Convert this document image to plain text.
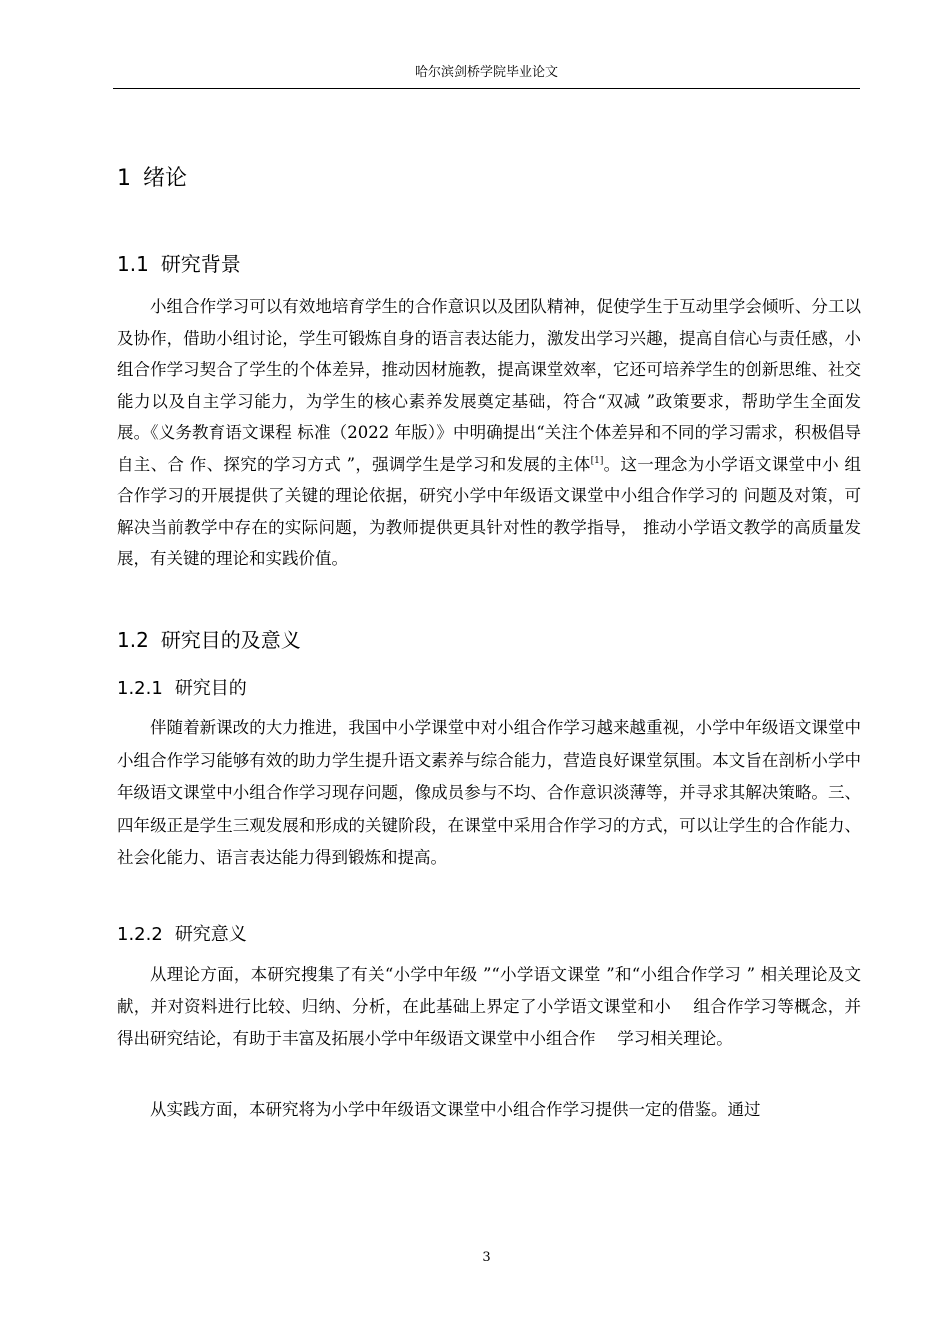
哈尔滨剑桥学院毕业论文
1 绪论
1.1 研究背景

小组合作学习可以有效地培育学生的合作意识以及团队精神，促使学生于互动里学会倾听、分工以及协作，借助小组讨论，学生可锻炼自身的语言表达能力，激发出学习兴趣，提高自信心与责任感，小组合作学习契合了学生的个体差异，推动因材施教，提高课堂效率，它还可培养学生的创新思维、社交能力以及自主学习能力，为学生的核心素养发展奠定基础，符合“双减 ”政策要求，帮助学生全面发展。《义务教育语文课程 标准（2022 年版）》中明确提出“关注个体差异和不同的学习需求，积极倡导自主、合 作、探究的学习方式 ”，强调学生是学习和发展的主体[1]。这一理念为小学语文课堂中小 组合作学习的开展提供了关键的理论依据，研究小学中年级语文课堂中小组合作学习的 问题及对策，可解决当前教学中存在的实际问题，为教师提供更具针对性的教学指导， 推动小学语文教学的高质量发展，有关键的理论和实践价值。

1.2 研究目的及意义
1.2.1 研究目的

伴随着新课改的大力推进，我国中小学课堂中对小组合作学习越来越重视，小学中年级语文课堂中小组合作学习能够有效的助力学生提升语文素养与综合能力，营造良好课堂氛围。本文旨在剖析小学中年级语文课堂中小组合作学习现存问题，像成员参与不均、合作意识淡薄等，并寻求其解决策略。三、四年级正是学生三观发展和形成的关键阶段，在课堂中采用合作学习的方式，可以让学生的合作能力、社会化能力、语言表达能力得到锻炼和提高。

1.2.2 研究意义

从理论方面，本研究搜集了有关“小学中年级 ”“小学语文课堂 ”和“小组合作学习 ” 相关理论及文献，并对资料进行比较、归纳、分析，在此基础上界定了小学语文课堂和小　 组合作学习等概念，并得出研究结论，有助于丰富及拓展小学中年级语文课堂中小组合作　 学习相关理论。

从实践方面，本研究将为小学中年级语文课堂中小组合作学习提供一定的借鉴。通过

3
